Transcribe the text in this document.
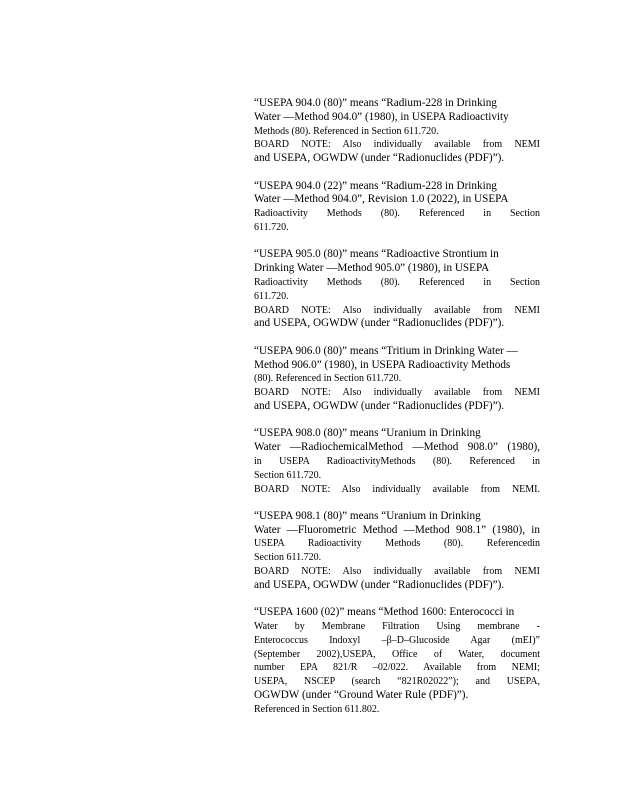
“USEPA 904.0 (80)” means “Radium-228 in Drinking
Water —Method 904.0” (1980), in USEPA Radioactivity
Methods (80). Referenced in Section 611.720.
BOARD NOTE: Also individually available from NEMI
and USEPA, OGWDW (under “Radionuclides (PDF)”).
“USEPA 904.0 (22)” means “Radium-228 in Drinking
Water —Method 904.0”, Revision 1.0 (2022), in USEPA
Radioactivity Methods (80). Referenced in Section
611.720.
“USEPA 905.0 (80)” means “Radioactive Strontium in
Drinking Water —Method 905.0” (1980), in USEPA
Radioactivity Methods (80). Referenced in Section
611.720.
BOARD NOTE: Also individually available from NEMI
and USEPA, OGWDW (under “Radionuclides (PDF)”).
“USEPA 906.0 (80)” means “Tritium in Drinking Water —
Method 906.0” (1980), in USEPA Radioactivity Methods
(80). Referenced in Section 611.720.
BOARD NOTE: Also individually available from NEMI
and USEPA, OGWDW (under “Radionuclides (PDF)”).
“USEPA 908.0 (80)” means “Uranium in Drinking
Water —RadiochemicalMethod —Method 908.0” (1980),
in USEPA RadioactivityMethods (80). Referenced in
Section 611.720.
BOARD NOTE: Also individually available from NEMI.
“USEPA 908.1 (80)” means “Uranium in Drinking
Water —Fluorometric Method —Method 908.1” (1980), in
USEPA Radioactivity Methods (80). Referencedin
Section 611.720.
BOARD NOTE: Also individually available from NEMI
and USEPA, OGWDW (under “Radionuclides (PDF)”).
“USEPA 1600 (02)” means “Method 1600: Enterococci in
Water by Membrane Filtration Using membrane -
Enterococcus Indoxyl –β–D–Glucoside Agar (mEI)”
(September 2002),USEPA, Office of Water, document
number EPA 821/R –02/022. Available from NEMI;
USEPA, NSCEP (search “821R02022”); and USEPA,
OGWDW (under “Ground Water Rule (PDF)”).
Referenced in Section 611.802.
